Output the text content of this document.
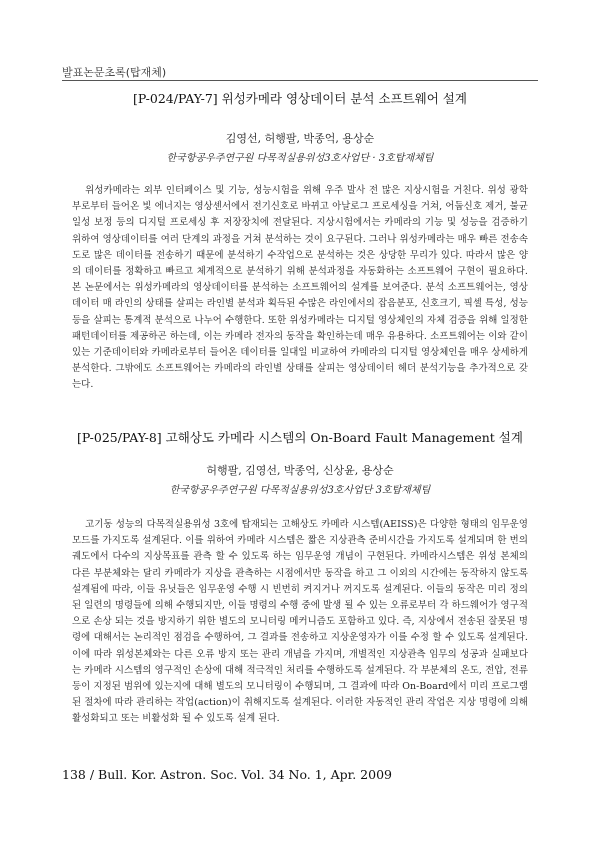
발표논문초록(탑재체)

[P-024/PAY-7] 위성카메라 영상데이터 분석 소프트웨어 설계

김영선, 허행팔, 박종억, 용상순

한국항공우주연구원 다목적실용위성3호사업단 · 3호탑재체팀

위성카메라는 외부 인터페이스 및 기능, 성능시험을 위해 우주 발사 전 많은 지상시험을 거친다. 위성 광학부로부터 들어온 빛 에너지는 영상센서에서 전기신호로 바뀌고 아날로그 프로세싱을 거쳐, 어둡신호 제거, 불균일성 보정 등의 디지털 프로세싱 후 저장장치에 전달된다. 지상시험에서는 카메라의 기능 및 성능을 검증하기 위하여 영상데이터를 여러 단계의 과정을 거쳐 분석하는 것이 요구된다. 그러나 위성카메라는 매우 빠른 전송속도로 많은 데이터를 전송하기 때문에 분석하기 수작업으로 분석하는 것은 상당한 무리가 있다. 따라서 많은 양의 데이터를 정확하고 빠르고 체계적으로 분석하기 위해 분석과정을 자동화하는 소프트웨어 구현이 필요하다. 본 논문에서는 위성카메라의 영상데이터를 분석하는 소프트웨어의 설계를 보여준다. 분석 소프트웨어는, 영상데이터 매 라인의 상태를 살피는 라인별 분석과 획득된 수많은 라인에서의 잡음분포, 신호크기, 픽셀 특성, 성능 등을 살피는 통계적 분석으로 나누어 수행한다. 또한 위성카메라는 디지털 영상체인의 자체 검증을 위해 일정한 패턴데이터를 제공하곤 하는데, 이는 카메라 전자의 동작을 확인하는데 매우 유용하다. 소프트웨어는 이와 같이 있는 기준데이터와 카메라로부터 들어온 데이터를 일대일 비교하여 카메라의 디지털 영상체인을 매우 상세하게 분석한다. 그밖에도 소프트웨어는 카메라의 라인별 상태를 살피는 영상데이터 헤더 분석기능을 추가적으로 갖는다.

[P-025/PAY-8] 고해상도 카메라 시스템의 On-Board Fault Management 설계

허행팔, 김영선, 박종억, 신상윤, 용상순

한국항공우주연구원 다목적실용위성3호사업단 3호탑재체팀

고기동 성능의 다목적실용위성 3호에 탑재되는 고해상도 카메라 시스템(AEISS)은 다양한 형태의 임무운영 모드를 가지도록 설계된다. 이를 위하여 카메라 시스템은 짧은 지상관측 준비시간을 가지도록 설계되며 한 번의 궤도에서 다수의 지상목표를 관측 할 수 있도록 하는 임무운영 개념이 구현된다. 카메라시스템은 위성 본체의 다른 부분체와는 달리 카메라가 지상을 관측하는 시점에서만 동작을 하고 그 이외의 시간에는 동작하지 않도록 설계됨에 따라, 이들 유닛들은 임무운영 수행 시 빈번히 켜지거나 꺼지도록 설계된다. 이들의 동작은 미리 정의된 일련의 명령들에 의해 수행되지만, 이들 명령의 수행 중에 발생 될 수 있는 오류로부터 각 하드웨어가 영구적으로 손상 되는 것을 방지하기 위한 별도의 모니터링 메커니즘도 포함하고 있다. 즉, 지상에서 전송된 잘못된 명령에 대해서는 논리적인 점검을 수행하여, 그 결과를 전송하고 지상운영자가 이를 수정 할 수 있도록 설계된다. 이에 따라 위성본체와는 다른 오류 방지 또는 관리 개념을 가지며, 개별적인 지상관측 임무의 성공과 실패보다는 카메라 시스템의 영구적인 손상에 대해 적극적인 처리를 수행하도록 설계된다. 각 부분체의 온도, 전압, 전류 등이 지정된 범위에 있는지에 대해 별도의 모니터링이 수행되며, 그 결과에 따라 On-Board에서 미리 프로그램 된 절차에 따라 관리하는 작업(action)이 취해지도록 설계된다. 이러한 자동적인 관리 작업은 지상 명령에 의해 활성화되고 또는 비활성화 될 수 있도록 설계 된다.

138 / Bull. Kor. Astron. Soc. Vol. 34 No. 1, Apr. 2009
